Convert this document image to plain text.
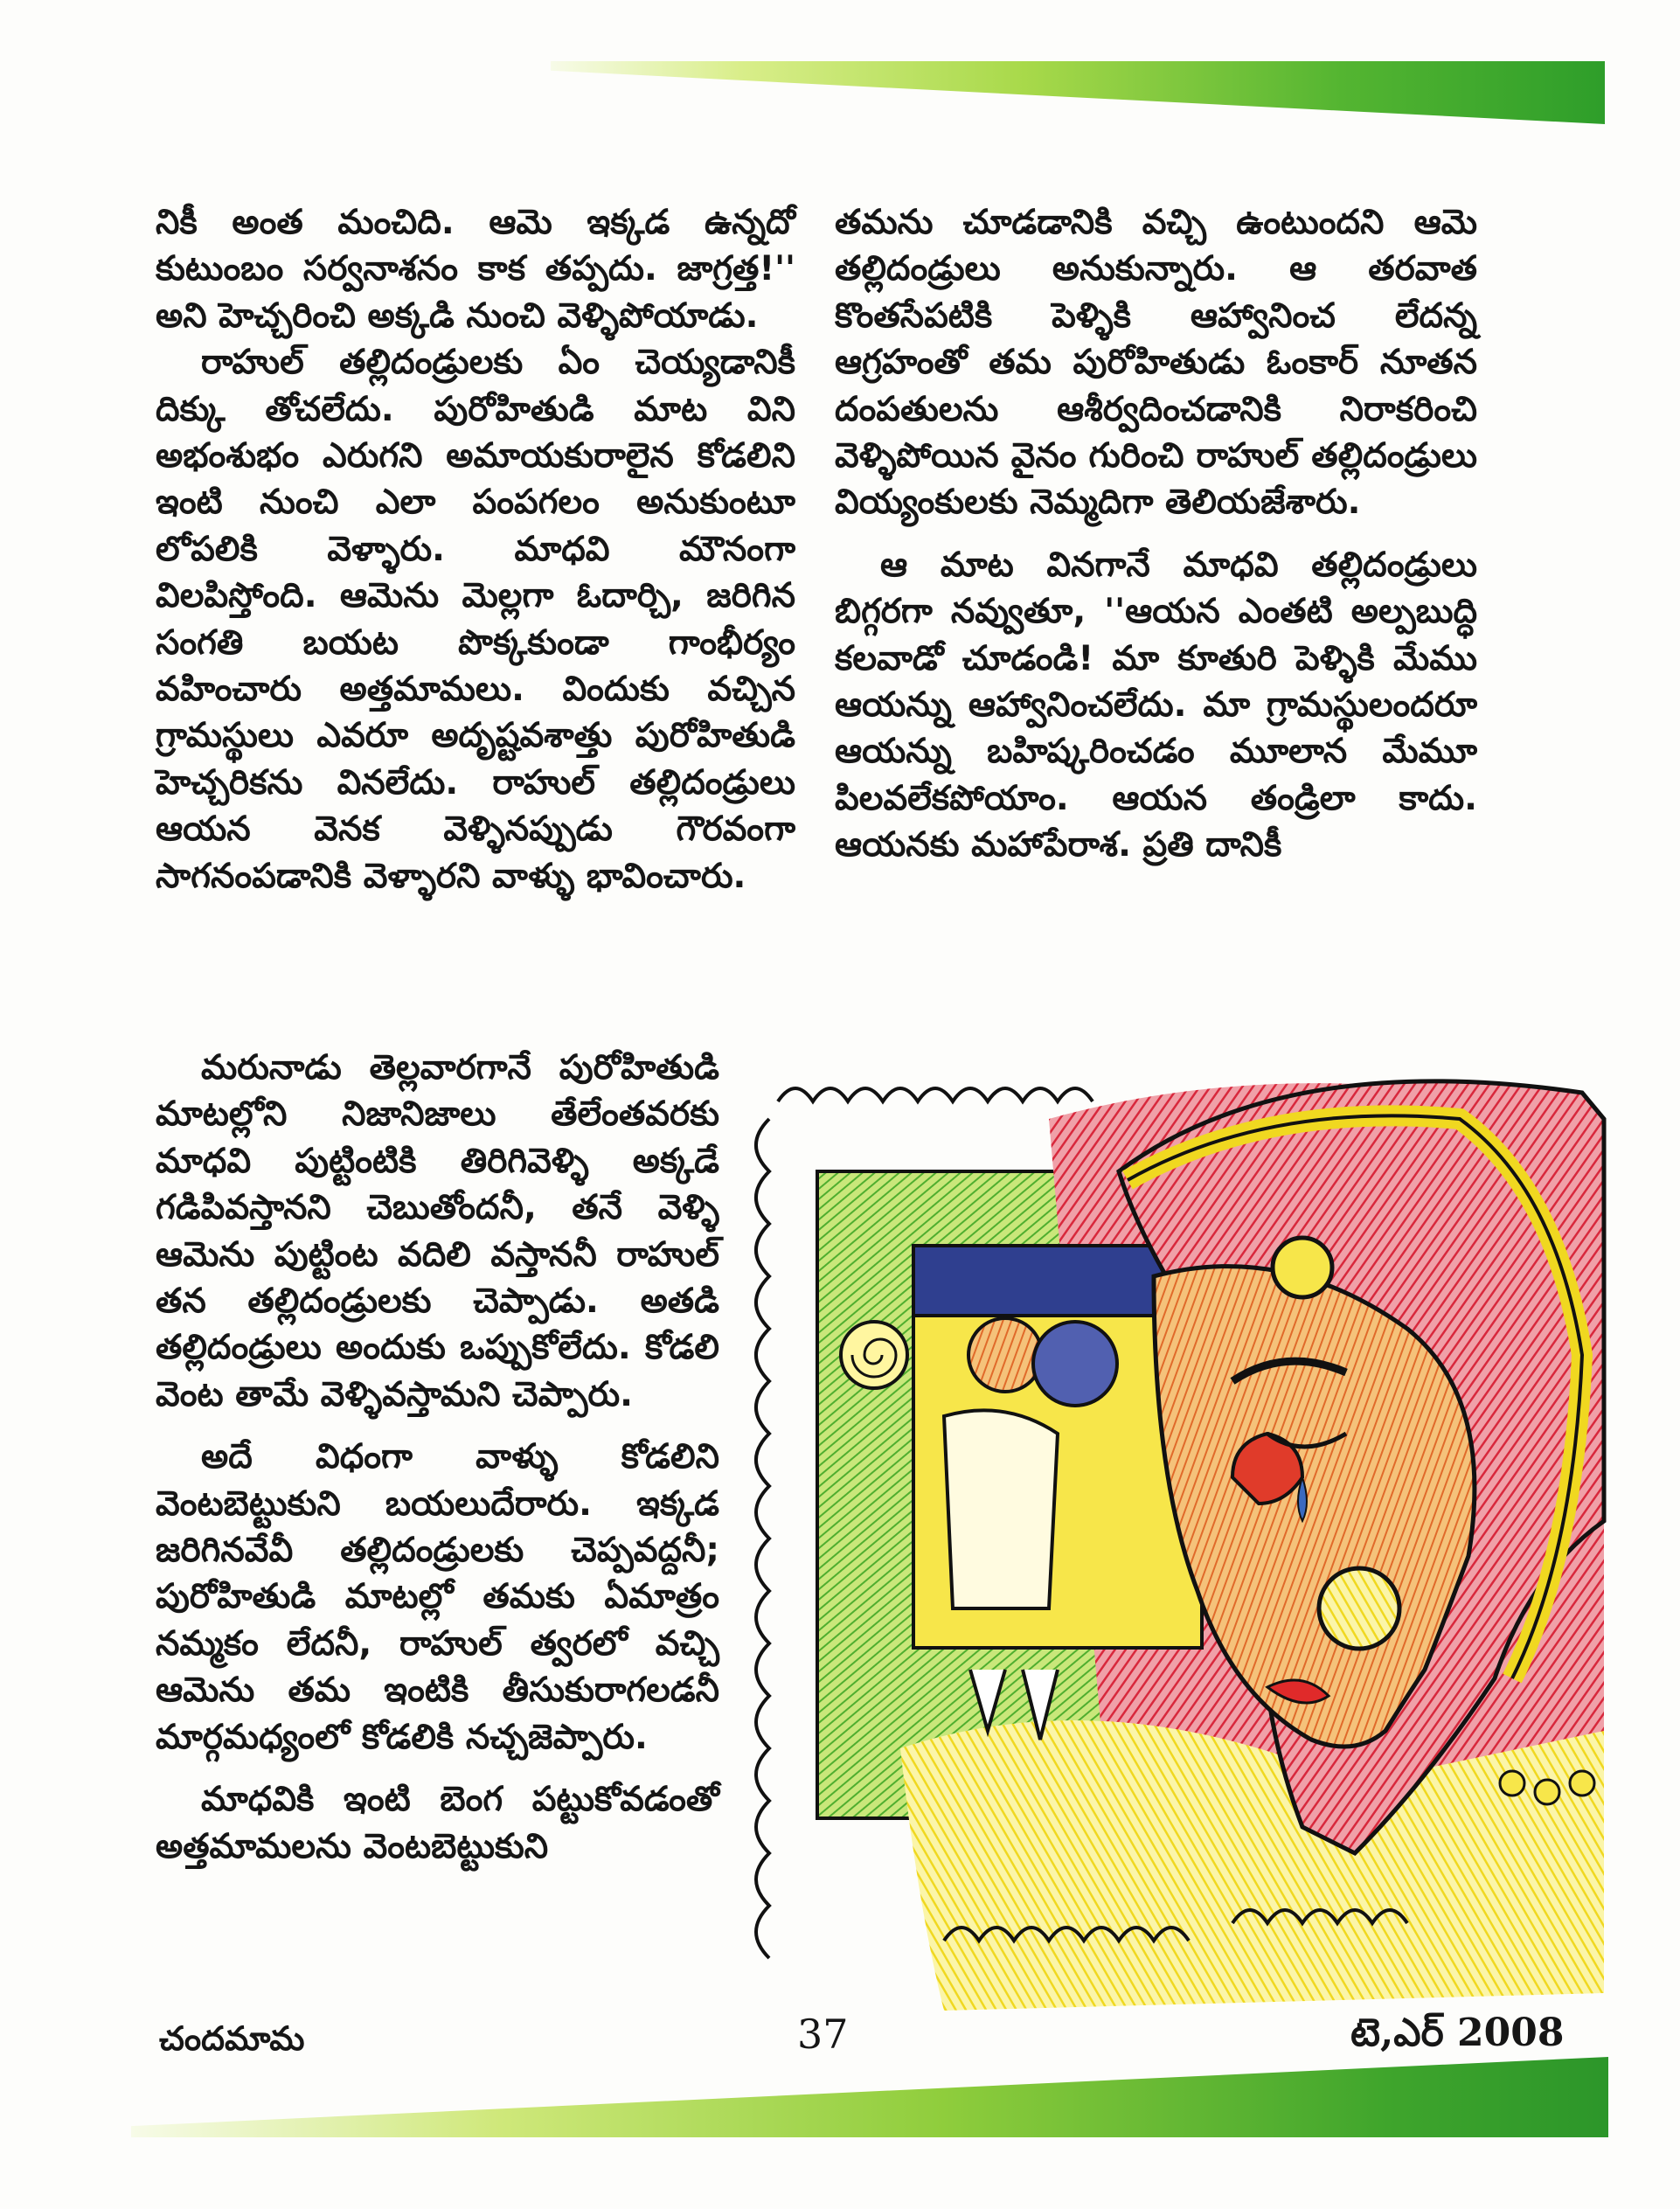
నికీ అంత మంచిది. ఆమె ఇక్కడ ఉన్నదో కుటుంబం సర్వనాశనం కాక తప్పదు. జాగ్రత్త!'' అని హెచ్చరించి అక్కడి నుంచి వెళ్ళిపోయాడు.

రాహుల్ తల్లిదండ్రులకు ఏం చెయ్యడానికీ దిక్కు తోచలేదు. పురోహితుడి మాట విని అభంశుభం ఎరుగని అమాయకురాలైన కోడలిని ఇంటి నుంచి ఎలా పంపగలం అనుకుంటూ లోపలికి వెళ్ళారు. మాధవి మౌనంగా విలపిస్తోంది. ఆమెను మెల్లగా ఓదార్చి, జరిగిన సంగతి బయట పొక్కకుండా గాంభీర్యం వహించారు అత్తమామలు. విందుకు వచ్చిన గ్రామస్థులు ఎవరూ అదృష్టవశాత్తు పురోహితుడి హెచ్చరికను వినలేదు. రాహుల్ తల్లిదండ్రులు ఆయన వెనక వెళ్ళినప్పుడు గౌరవంగా సాగనంపడానికి వెళ్ళారని వాళ్ళు భావించారు.

మరునాడు తెల్లవారగానే పురోహితుడి మాటల్లోని నిజానిజాలు తేలేంతవరకు మాధవి పుట్టింటికి తిరిగివెళ్ళి అక్కడే గడిపివస్తానని చెబుతోందనీ, తనే వెళ్ళి ఆమెను పుట్టింట వదిలి వస్తాననీ రాహుల్ తన తల్లిదండ్రులకు చెప్పాడు. అతడి తల్లిదండ్రులు అందుకు ఒప్పుకోలేదు. కోడలి వెంట తామే వెళ్ళివస్తామని చెప్పారు.

అదే విధంగా వాళ్ళు కోడలిని వెంటబెట్టుకుని బయలుదేరారు. ఇక్కడ జరిగినవేవీ తల్లిదండ్రులకు చెప్పవద్దనీ; పురోహితుడి మాటల్లో తమకు ఏమాత్రం నమ్మకం లేదనీ, రాహుల్ త్వరలో వచ్చి ఆమెను తమ ఇంటికి తీసుకురాగలడనీ మార్గమధ్యంలో కోడలికి నచ్చజెప్పారు.

మాధవికి ఇంటి బెంగ పట్టుకోవడంతో అత్తమామలను వెంటబెట్టుకుని

తమను చూడడానికి వచ్చి ఉంటుందని ఆమె తల్లిదండ్రులు అనుకున్నారు. ఆ తరవాత కొంతసేపటికి పెళ్ళికి ఆహ్వానించ లేదన్న ఆగ్రహంతో తమ పురోహితుడు ఓంకార్ నూతన దంపతులను ఆశీర్వదించడానికి నిరాకరించి వెళ్ళిపోయిన వైనం గురించి రాహుల్ తల్లిదండ్రులు వియ్యంకులకు నెమ్మదిగా తెలియజేశారు.

ఆ మాట వినగానే మాధవి తల్లిదండ్రులు బిగ్గరగా నవ్వుతూ, ''ఆయన ఎంతటి అల్పబుద్ధి కలవాడో చూడండి! మా కూతురి పెళ్ళికి మేము ఆయన్ను ఆహ్వానించలేదు. మా గ్రామస్థులందరూ ఆయన్ను బహిష్కరించడం మూలాన మేమూ పిలవలేకపోయాం. ఆయన తండ్రిలా కాదు. ఆయనకు మహాపేరాశ. ప్రతి దానికీ

చందమామ	37	టె,ఎర్ 2008
